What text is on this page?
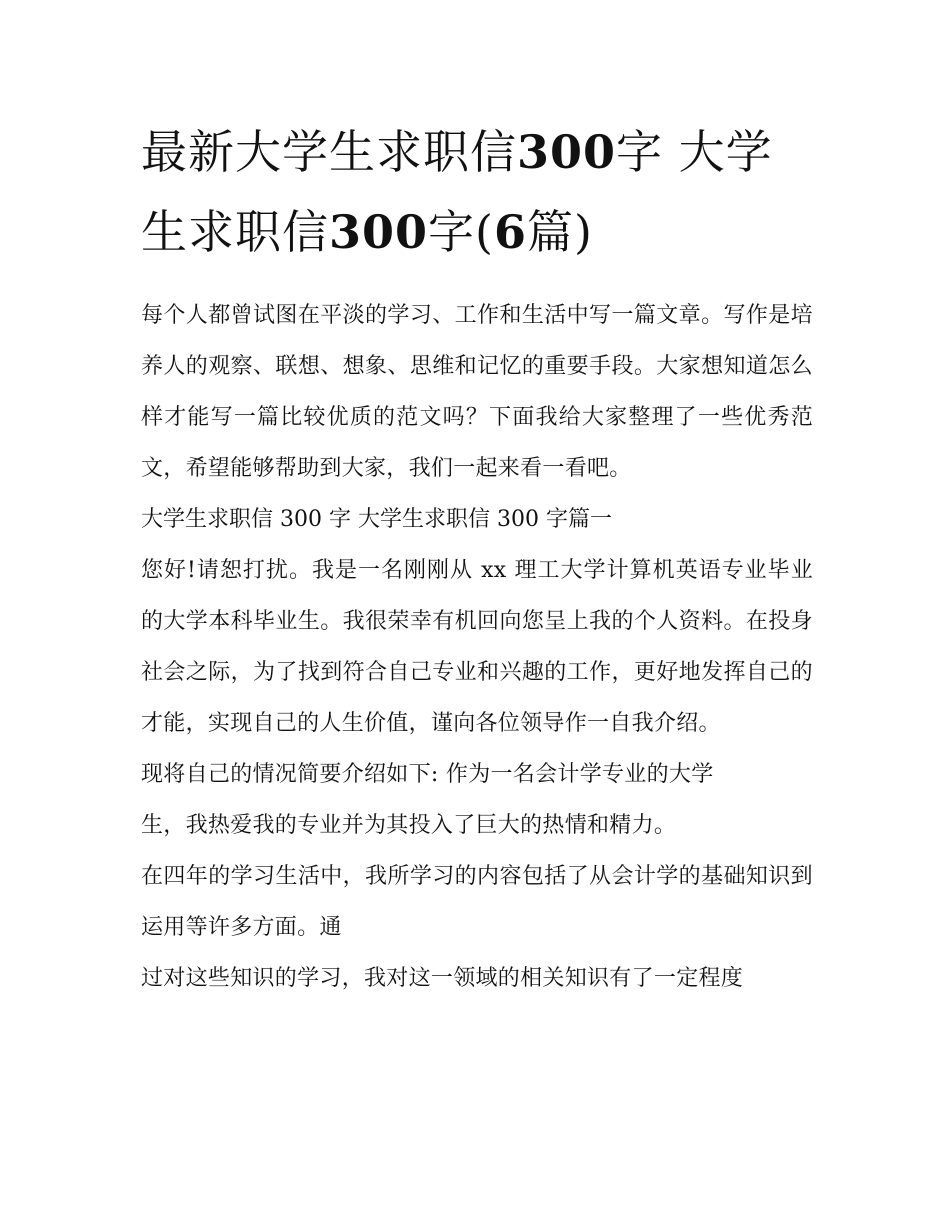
最新大学生求职信300字 大学
生求职信300字(6篇)

每个人都曾试图在平淡的学习、工作和生活中写一篇文章。写作是培养人的观察、联想、想象、思维和记忆的重要手段。大家想知道怎么样才能写一篇比较优质的范文吗？下面我给大家整理了一些优秀范文，希望能够帮助到大家，我们一起来看一看吧。

大学生求职信 300 字 大学生求职信 300 字篇一

您好!请恕打扰。我是一名刚刚从 xx 理工大学计算机英语专业毕业的大学本科毕业生。我很荣幸有机回向您呈上我的个人资料。在投身社会之际，为了找到符合自己专业和兴趣的工作，更好地发挥自己的才能，实现自己的人生价值，谨向各位领导作一自我介绍。

现将自己的情况简要介绍如下: 作为一名会计学专业的大学

生，我热爱我的专业并为其投入了巨大的热情和精力。

在四年的学习生活中，我所学习的内容包括了从会计学的基础知识到运用等许多方面。通

过对这些知识的学习，我对这一领域的相关知识有了一定程度
